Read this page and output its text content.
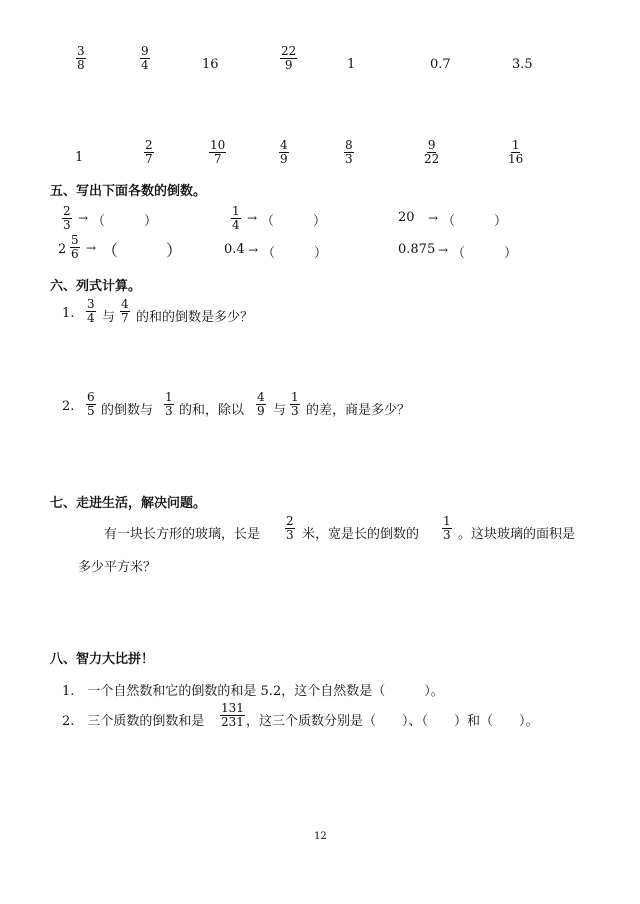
$\frac{3}{8}$	$\frac{9}{4}$	16	$\frac{22}{9}$	1	0.7	3.5
1	$\frac{2}{7}$	$\frac{10}{7}$	$\frac{4}{9}$	$\frac{8}{3}$	$\frac{9}{22}$	$\frac{1}{16}$
五、写出下面各数的倒数。
$\frac{2}{3}$ → （　　　）	$\frac{1}{4}$ → （　　　）	20 → （　　　）
$2 \frac{5}{6}$ → （　　　）	0.4 → （　　　）	0.875 → （　　　）
六、列式计算。
1. $\frac{3}{4}$ 与 $\frac{4}{7}$ 的和的倒数是多少？
2. $\frac{6}{5}$ 的倒数与 $\frac{1}{3}$ 的和，除以 $\frac{4}{9}$ 与 $\frac{1}{3}$ 的差，商是多少？
七、走进生活，解决问题。
有一块长方形的玻璃，长是 $\frac{2}{3}$ 米，宽是长的倒数的 $\frac{1}{3}$ 。这块玻璃的面积是
多少平方米？
八、智力大比拼！
1.　一个自然数和它的倒数的和是 5.2，这个自然数是（　　　）。
2.　三个质数的倒数和是 $\frac{131}{231}$ ，这三个质数分别是（　　）、（　　）和（　　）。
12
